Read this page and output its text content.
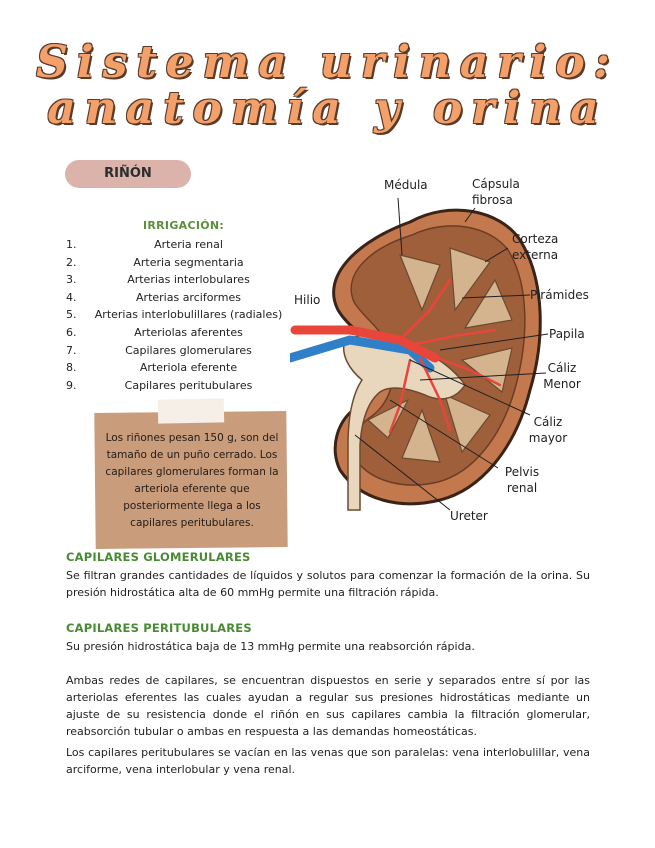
Sistema urinario:
anatomía y orina
RIÑÓN
IRRIGACIÓN:
1.	Arteria renal
2.	Arteria segmentaria
3.	Arterias interlobulares
4.	Arterias arciformes
5.	Arterias interlobulillares (radiales)
6.	Arteriolas aferentes
7.	Capilares glomerulares
8.	Arteriola eferente
9.	Capilares peritubulares
Los riñones pesan 150 g, son del tamaño de un puño cerrado. Los capilares glomerulares forman la arteriola eferente que posteriormente llega a los capilares peritubulares.
Médula	Cápsula fibrosa
Corteza externa
Hilio	Pirámides
Papila
Cáliz Menor
Cáliz mayor
Pelvis renal
Ureter
CAPILARES GLOMERULARES

Se filtran grandes cantidades de líquidos y solutos para comenzar la formación de la orina. Su presión hidrostática alta de 60 mmHg permite una filtración rápida.

CAPILARES PERITUBULARES

Su presión hidrostática baja de 13 mmHg permite una reabsorción rápida.

Ambas redes de capilares, se encuentran dispuestos en serie y separados entre sí por las arteriolas eferentes las cuales ayudan a regular sus presiones hidrostáticas mediante un ajuste de su resistencia donde el riñón en sus capilares cambia la filtración glomerular, reabsorción tubular o ambas en respuesta a las demandas homeostáticas.

Los capilares peritubulares se vacían en las venas que son paralelas: vena interlobulillar, vena arciforme, vena interlobular y vena renal.
